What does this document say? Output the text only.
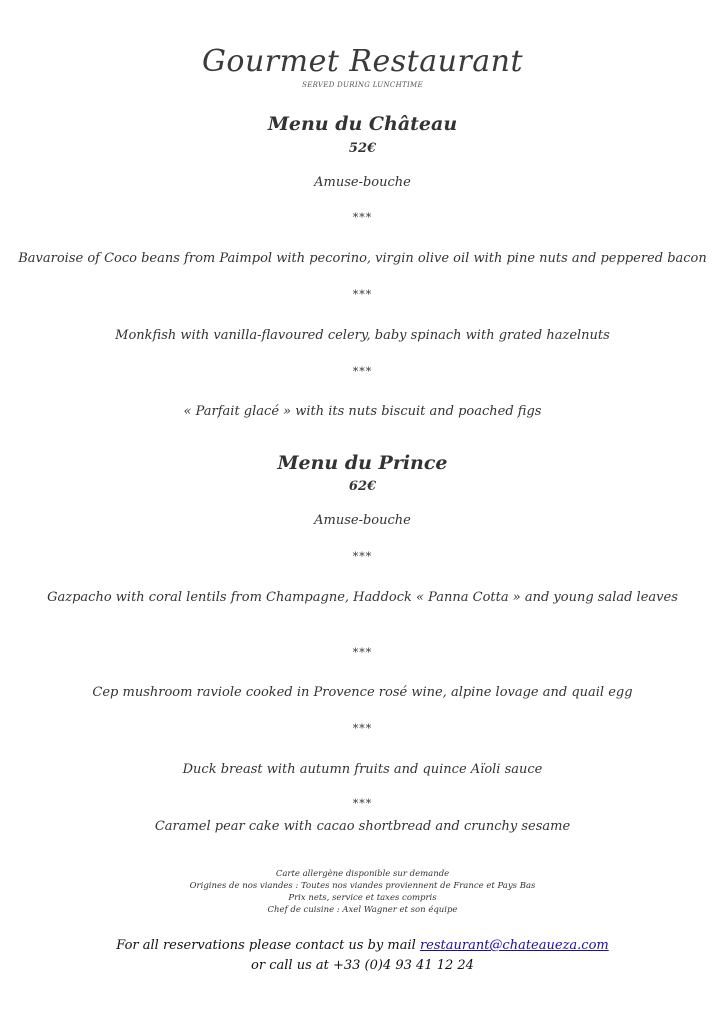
Gourmet Restaurant
SERVED DURING LUNCHTIME
Menu du Château
52€
Amuse-bouche
***
Bavaroise of Coco beans from Paimpol with pecorino, virgin olive oil with pine nuts and peppered bacon
***
Monkfish with vanilla-flavoured celery, baby spinach with grated hazelnuts
***
« Parfait glacé » with its nuts biscuit and poached figs
Menu du Prince
62€
Amuse-bouche
***
Gazpacho with coral lentils from Champagne, Haddock « Panna Cotta » and young salad leaves
***
Cep mushroom raviole cooked in Provence rosé wine, alpine lovage and quail egg
***
Duck breast with autumn fruits and quince Aïoli sauce
***
Caramel pear cake with cacao shortbread and crunchy sesame
Carte allergène disponible sur demande
Origines de nos viandes : Toutes nos viandes proviennent de France et Pays Bas
Prix nets, service et taxes compris
Chef de cuisine : Axel Wagner et son équipe
For all reservations please contact us by mail restaurant@chateaueza.com
or call us at +33 (0)4 93 41 12 24
